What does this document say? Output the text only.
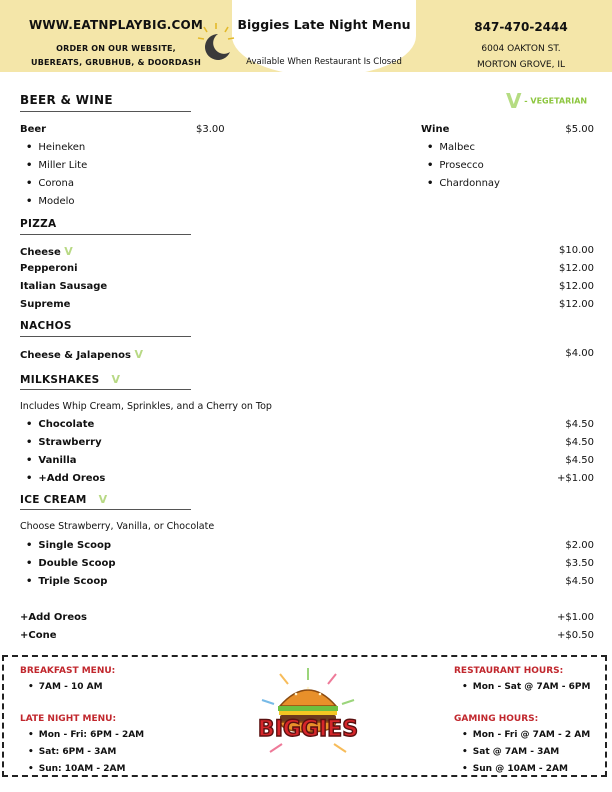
WWW.EATNPLAYBIG.COM
ORDER ON OUR WEBSITE,
UBEREATS, GRUBHUB, & DOORDASH
Biggies Late Night Menu
Available When Restaurant Is Closed
847-470-2444
6004 OAKTON ST.
MORTON GROVE, IL
V - VEGETARIAN
BEER & WINE
Beer	$3.00
• Heineken
• Miller Lite
• Corona
• Modelo
Wine	$5.00
• Malbec
• Prosecco
• Chardonnay
PIZZA
Cheese V	$10.00
Pepperoni	$12.00
Italian Sausage	$12.00
Supreme	$12.00
NACHOS
Cheese & Jalapenos V	$4.00
MILKSHAKES V
Includes Whip Cream, Sprinkles, and a Cherry on Top
• Chocolate	$4.50
• Strawberry	$4.50
• Vanilla	$4.50
• +Add Oreos	+$1.00
ICE CREAM V
Choose Strawberry, Vanilla, or Chocolate
• Single Scoop	$2.00
• Double Scoop	$3.50
• Triple Scoop	$4.50
+Add Oreos	+$1.00
+Cone	+$0.50
BREAKFAST MENU:
• 7AM - 10 AM
LATE NIGHT MENU:
• Mon - Fri: 6PM - 2AM
• Sat: 6PM - 3AM
• Sun: 10AM - 2AM
RESTAURANT HOURS:
• Mon - Sat @ 7AM - 6PM
GAMING HOURS:
• Mon - Fri @ 7AM - 2 AM
• Sat @ 7AM - 3AM
• Sun @ 10AM - 2AM
BIGGIES
